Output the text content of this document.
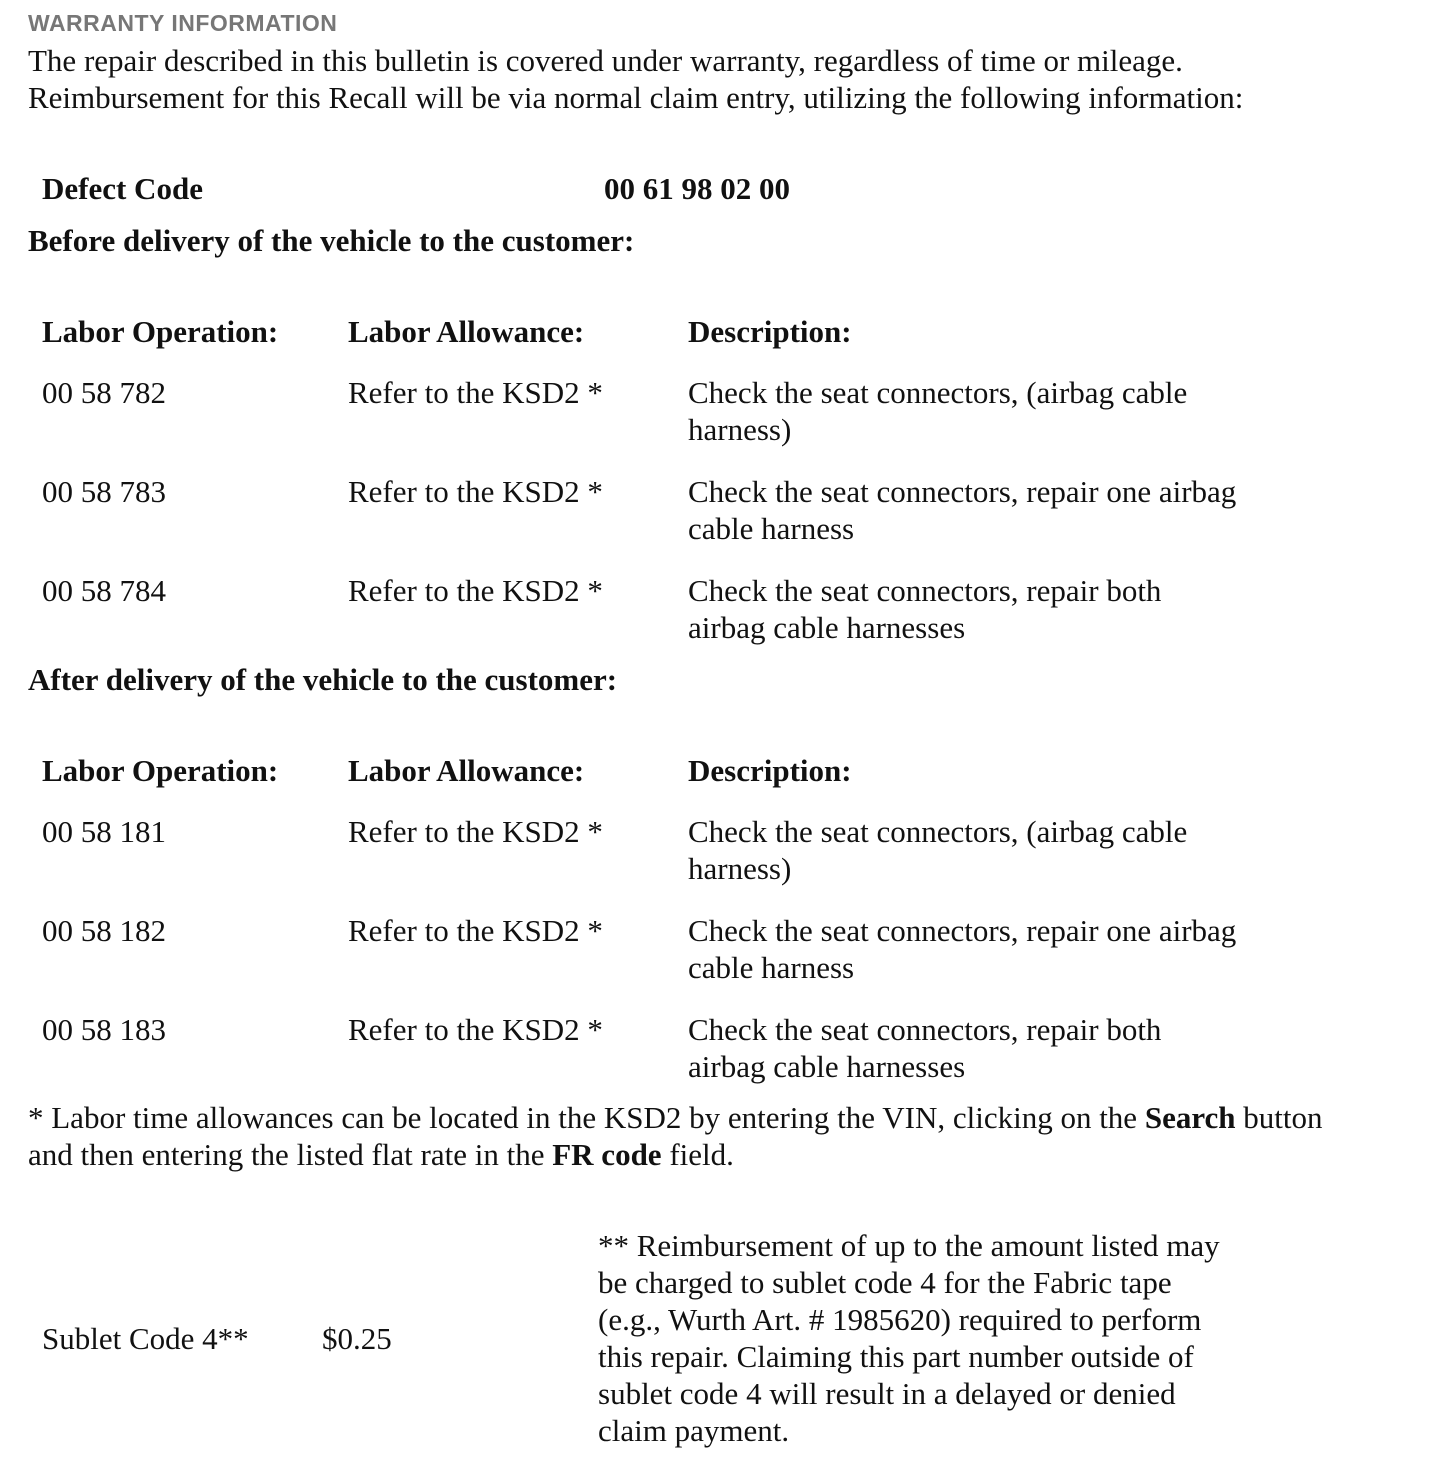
WARRANTY INFORMATION
The repair described in this bulletin is covered under warranty, regardless of time or mileage.
Reimbursement for this Recall will be via normal claim entry, utilizing the following information:
Defect Code	00 61 98 02 00
Before delivery of the vehicle to the customer:
Labor Operation: Labor Allowance:	Description:
00 58 782	Refer to the KSD2 *	Check the seat connectors, (airbag cable
harness)
00 58 783	Refer to the KSD2 *	Check the seat connectors, repair one airbag
cable harness
00 58 784	Refer to the KSD2 *	Check the seat connectors, repair both
airbag cable harnesses
After delivery of the vehicle to the customer:
Labor Operation: Labor Allowance:	Description:
00 58 181	Refer to the KSD2 *	Check the seat connectors, (airbag cable
harness)
00 58 182	Refer to the KSD2 *	Check the seat connectors, repair one airbag
cable harness
00 58 183	Refer to the KSD2 *	Check the seat connectors, repair both
airbag cable harnesses
* Labor time allowances can be located in the KSD2 by entering the VIN, clicking on the Search button
and then entering the listed flat rate in the FR code field.
Sublet Code 4** $0.25
** Reimbursement of up to the amount listed may
be charged to sublet code 4 for the Fabric tape
(e.g., Wurth Art. # 1985620) required to perform
this repair. Claiming this part number outside of
sublet code 4 will result in a delayed or denied
claim payment.
